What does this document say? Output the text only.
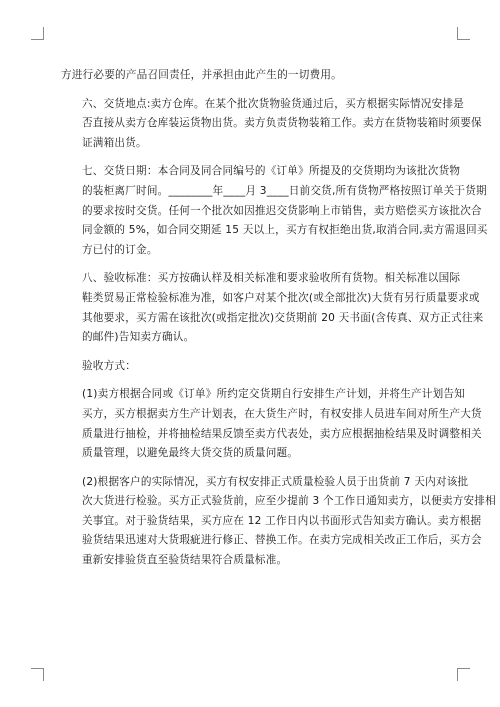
方进行必要的产品召回责任，并承担由此产生的一切费用。

六、交货地点:卖方仓库。在某个批次货物验货通过后，买方根据实际情况安排是
否直接从卖方仓库装运货物出货。卖方负责货物装箱工作。卖方在货物装箱时须要保
证满箱出货。

七、交货日期：本合同及同合同编号的《订单》所提及的交货期均为该批次货物
的装柜离厂时间。________年____月 3____日前交货,所有货物严格按照订单关于货期
的要求按时交货。任何一个批次如因推迟交货影响上市销售，卖方赔偿买方该批次合
同金额的 5%，如合同交期延 15 天以上，买方有权拒绝出货,取消合同,卖方需退回买
方已付的订金。

八、验收标准：买方按确认样及相关标准和要求验收所有货物。相关标准以国际
鞋类贸易正常检验标准为准，如客户对某个批次(或全部批次)大货有另行质量要求或
其他要求，买方需在该批次(或指定批次)交货期前 20 天书面(含传真、双方正式往来
的邮件)告知卖方确认。

验收方式：

(1)卖方根据合同或《订单》所约定交货期自行安排生产计划，并将生产计划告知
买方，买方根据卖方生产计划表，在大货生产时，有权安排人员进车间对所生产大货
质量进行抽检，并将抽检结果反馈至卖方代表处，卖方应根据抽检结果及时调整相关
质量管理，以避免最终大货交货的质量问题。

(2)根据客户的实际情况，买方有权安排正式质量检验人员于出货前 7 天内对该批
次大货进行检验。买方正式验货前，应至少提前 3 个工作日通知卖方，以便卖方安排相
关事宜。对于验货结果，买方应在 12 工作日内以书面形式告知卖方确认。卖方根据
验货结果迅速对大货瑕疵进行修正、替换工作。在卖方完成相关改正工作后，买方会
重新安排验货直至验货结果符合质量标准。
